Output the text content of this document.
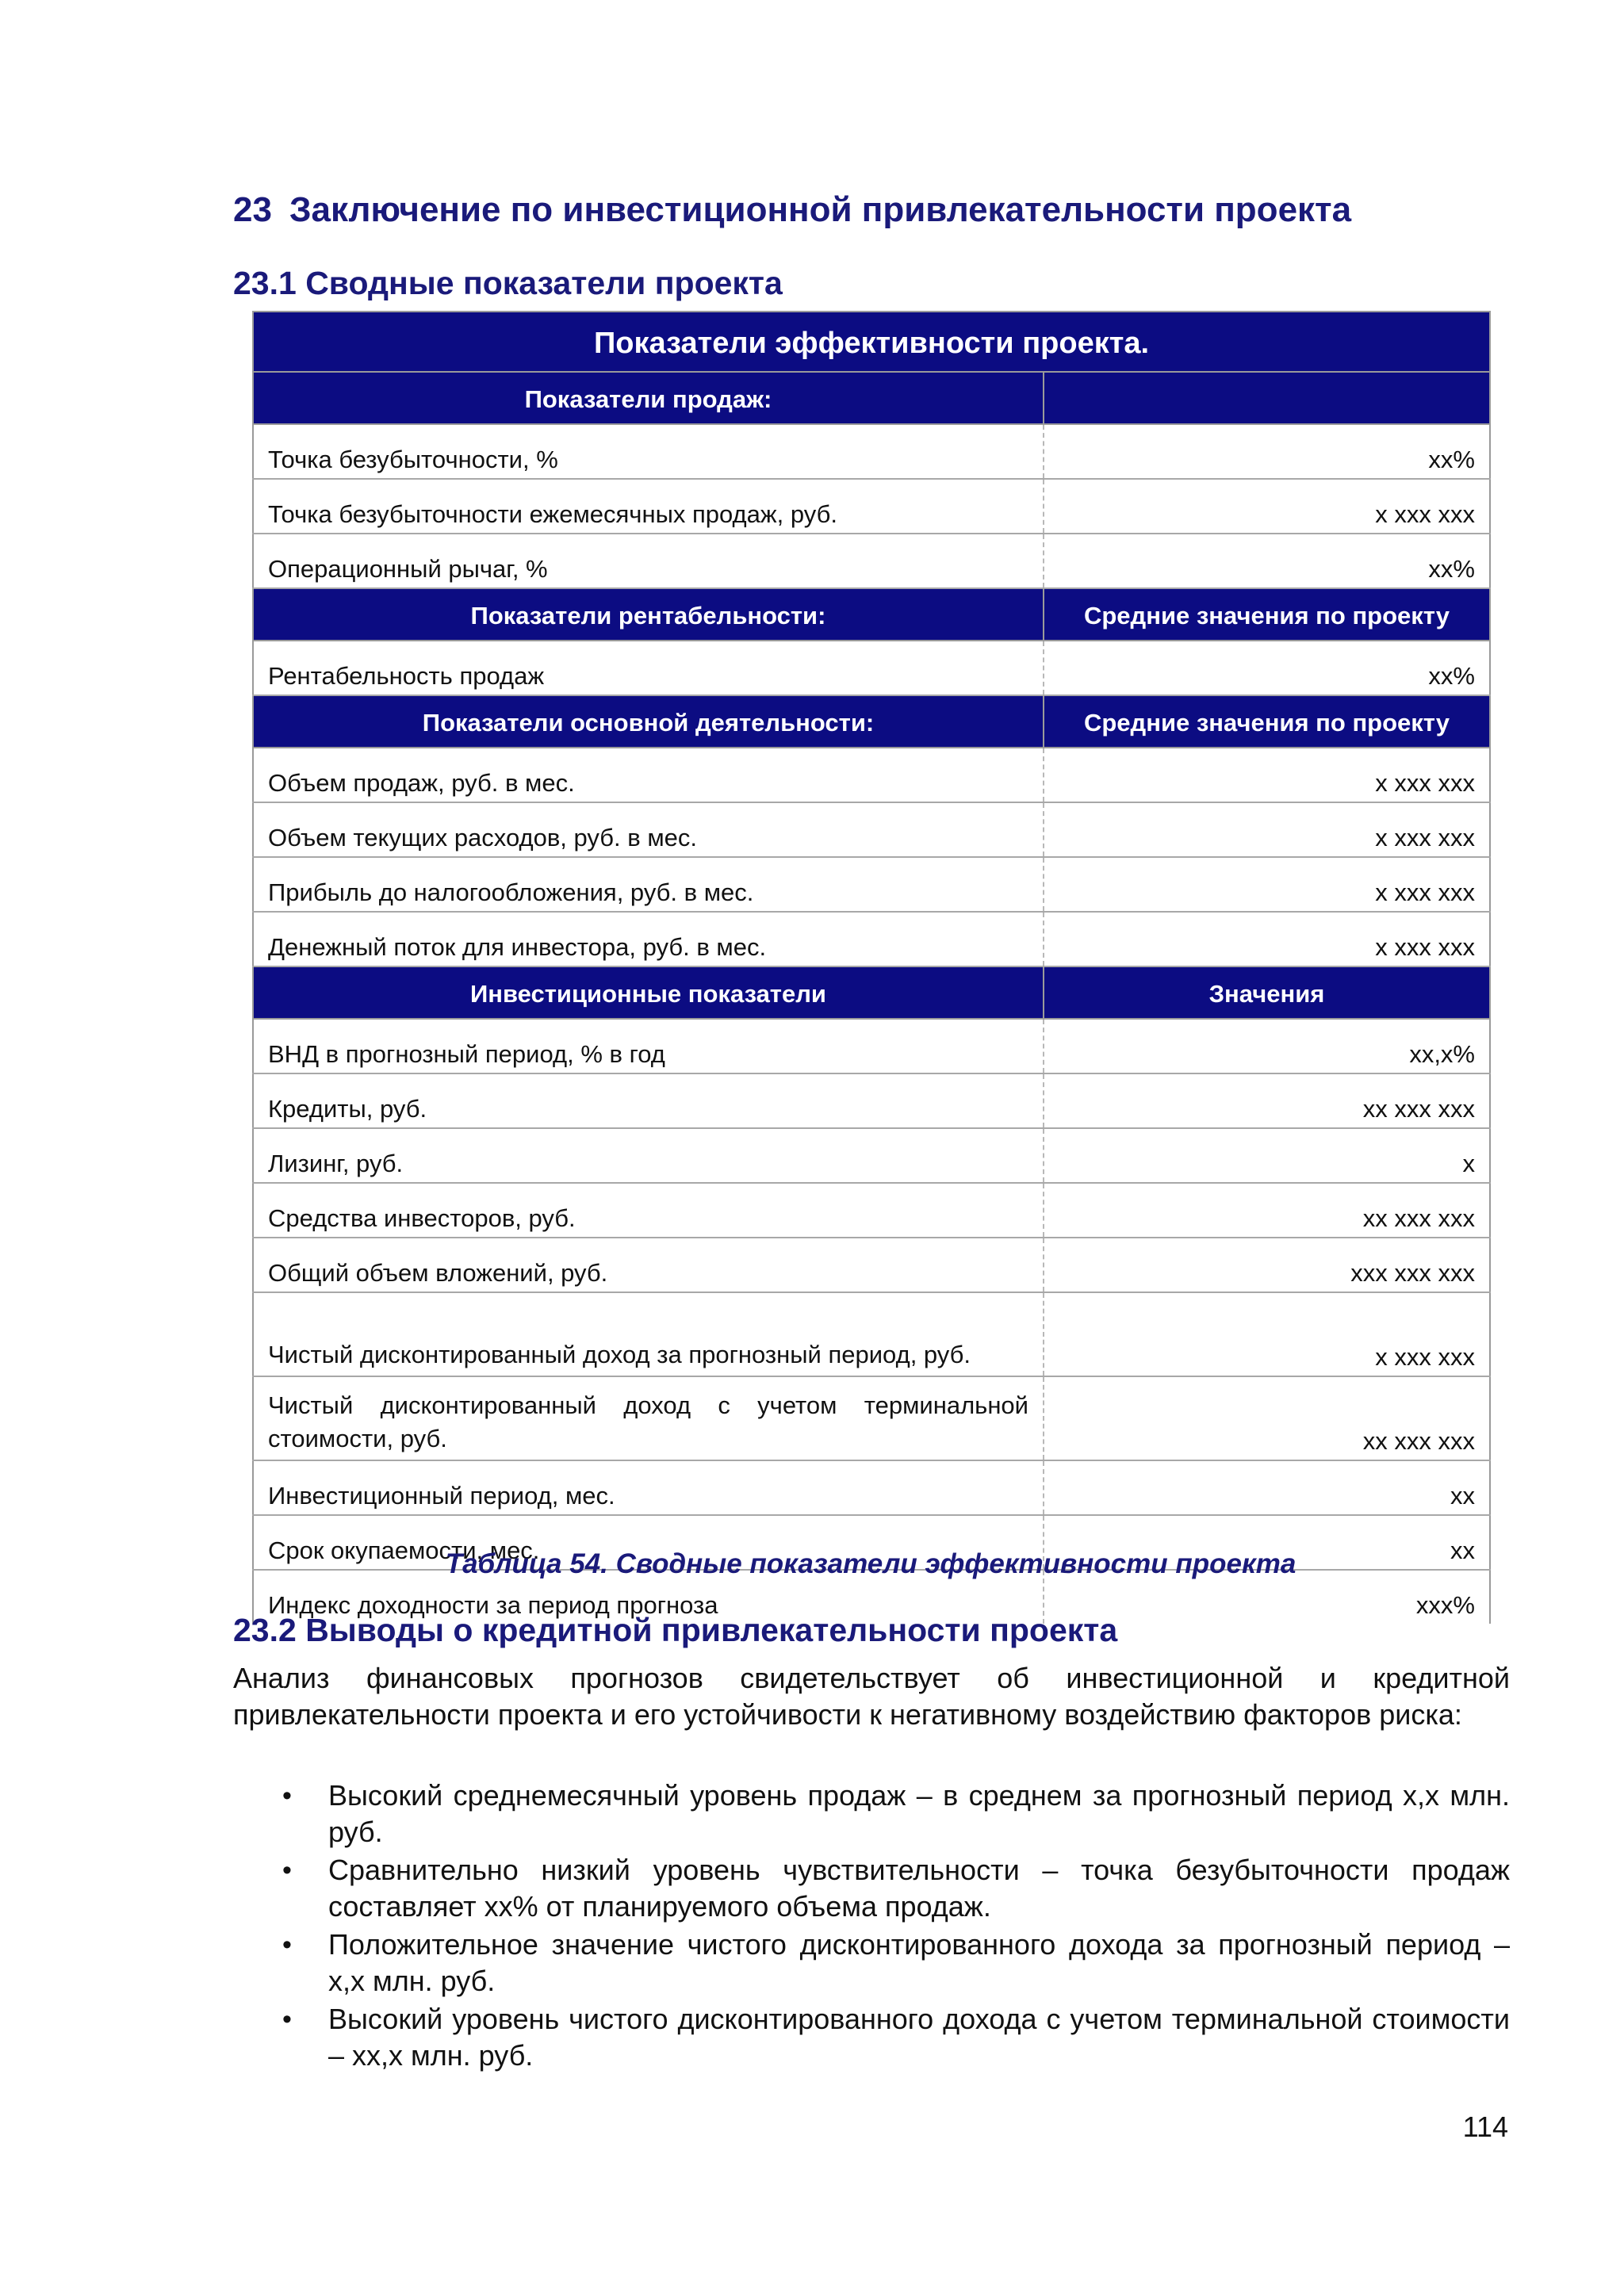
23 Заключение по инвестиционной привлекательности проекта
23.1 Сводные показатели проекта
Показатели эффективности проекта.	
Показатели продаж:	
Точка безубыточности, %	xx%
Точка безубыточности ежемесячных продаж, руб.	x xxx xxx
Операционный рычаг, %	xx%
Показатели рентабельности:	Средние значения по проекту
Рентабельность продаж	xx%
Показатели основной деятельности:	Средние значения по проекту
Объем продаж, руб. в мес.	x xxx xxx
Объем текущих расходов, руб. в мес.	x xxx xxx
Прибыль до налогообложения, руб. в мес.	x xxx xxx
Денежный поток для инвестора, руб. в мес.	x xxx xxx
Инвестиционные показатели	Значения
ВНД в прогнозный период, % в год	xx,x%
Кредиты, руб.	xx xxx xxx
Лизинг, руб.	x
Средства инвесторов, руб.	xx xxx xxx
Общий объем вложений, руб.	xxx xxx xxx
Чистый дисконтированный доход за прогнозный период, руб.	x xxx xxx
Чистый дисконтированный доход с учетом терминальной стоимости, руб.	xx xxx xxx
Инвестиционный период, мес.	xx
Срок окупаемости, мес.	xx
Индекс доходности за период прогноза	xxx%
Таблица 54. Сводные показатели эффективности проекта
23.2 Выводы о кредитной привлекательности проекта

Анализ финансовых прогнозов свидетельствует об инвестиционной и кредитной привлекательности проекта и его устойчивости к негативному воздействию факторов риска:

• Высокий среднемесячный уровень продаж – в среднем за прогнозный период x,x млн. руб.
• Сравнительно низкий уровень чувствительности – точка безубыточности продаж составляет xx% от планируемого объема продаж.
• Положительное значение чистого дисконтированного дохода за прогнозный период – x,x млн. руб.
• Высокий уровень чистого дисконтированного дохода с учетом терминальной стоимости – xx,x млн. руб.
114
